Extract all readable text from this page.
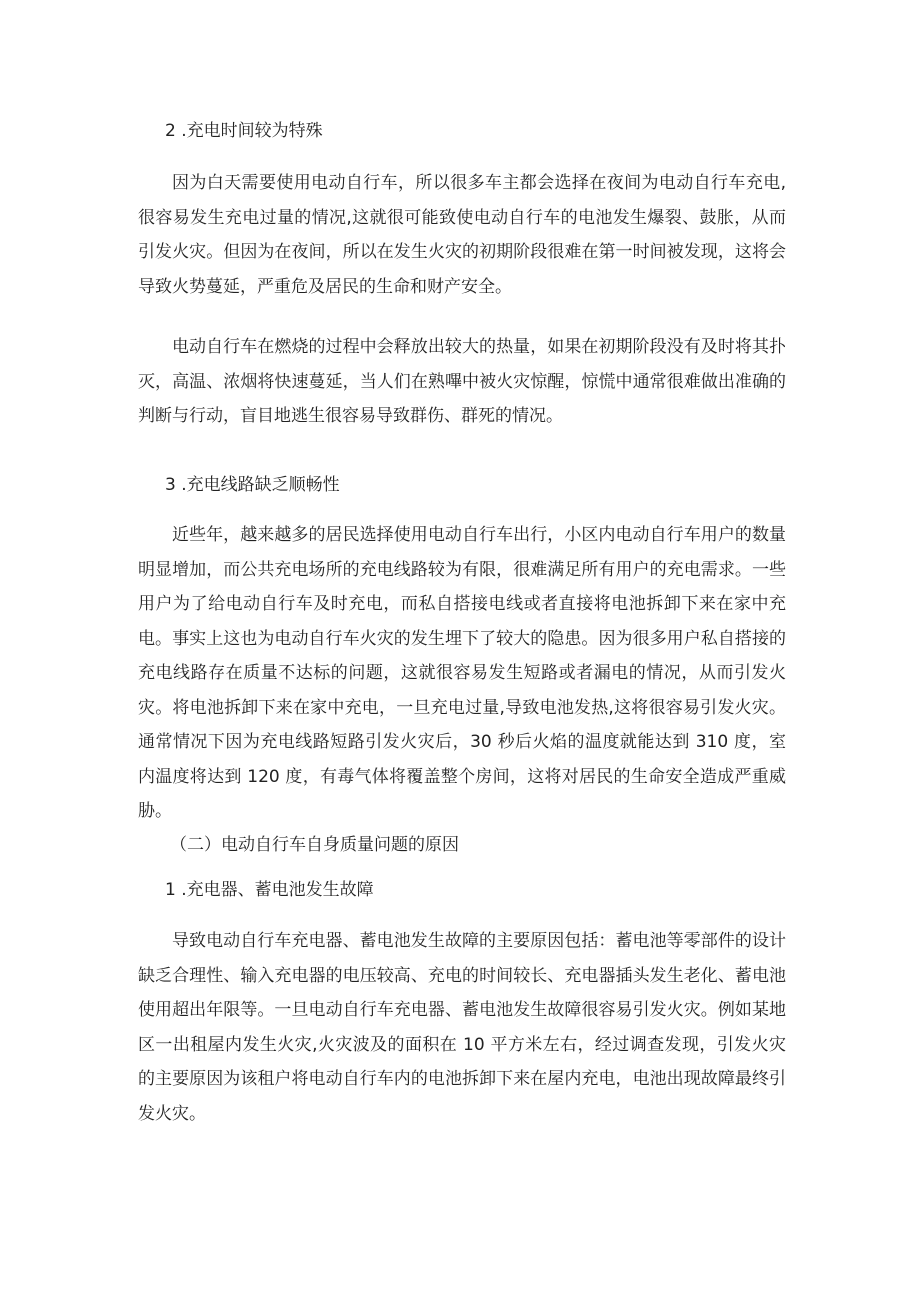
2 .充电时间较为特殊

因为白天需要使用电动自行车，所以很多车主都会选择在夜间为电动自行车充电,很容易发生充电过量的情况,这就很可能致使电动自行车的电池发生爆裂、鼓胀，从而引发火灾。但因为在夜间，所以在发生火灾的初期阶段很难在第一时间被发现，这将会导致火势蔓延，严重危及居民的生命和财产安全。

电动自行车在燃烧的过程中会释放出较大的热量，如果在初期阶段没有及时将其扑灭，高温、浓烟将快速蔓延，当人们在熟嗶中被火灾惊醒，惊慌中通常很难做出准确的判断与行动，盲目地逃生很容易导致群伤、群死的情况。

3 .充电线路缺乏顺畅性

近些年，越来越多的居民选择使用电动自行车出行，小区内电动自行车用户的数量明显增加，而公共充电场所的充电线路较为有限，很难满足所有用户的充电需求。一些用户为了给电动自行车及时充电，而私自搭接电线或者直接将电池拆卸下来在家中充电。事实上这也为电动自行车火灾的发生埋下了较大的隐患。因为很多用户私自搭接的充电线路存在质量不达标的问题，这就很容易发生短路或者漏电的情况，从而引发火灾。将电池拆卸下来在家中充电，一旦充电过量,导致电池发热,这将很容易引发火灾。通常情况下因为充电线路短路引发火灾后，30 秒后火焰的温度就能达到 310 度，室内温度将达到 120 度，有毒气体将覆盖整个房间，这将对居民的生命安全造成严重威胁。

（二）电动自行车自身质量问题的原因

1 .充电器、蓄电池发生故障

导致电动自行车充电器、蓄电池发生故障的主要原因包括：蓄电池等零部件的设计缺乏合理性、输入充电器的电压较高、充电的时间较长、充电器插头发生老化、蓄电池使用超出年限等。一旦电动自行车充电器、蓄电池发生故障很容易引发火灾。例如某地区一出租屋内发生火灾,火灾波及的面积在 10 平方米左右，经过调查发现，引发火灾的主要原因为该租户将电动自行车内的电池拆卸下来在屋内充电，电池出现故障最终引发火灾。
